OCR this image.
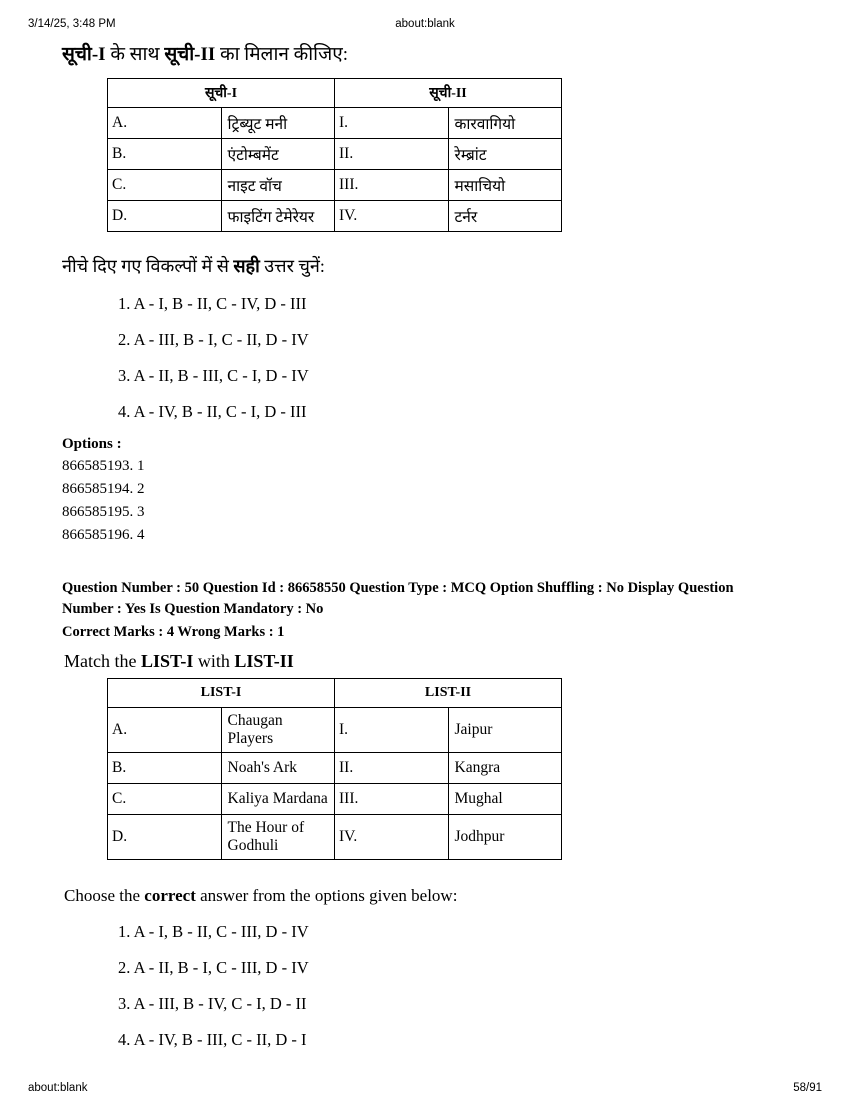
3/14/25, 3:48 PM	about:blank

सूची-I के साथ सूची-II का मिलान कीजिए:

सूची-I		सूची-II	
A.	ट्रिब्यूट मनी	I.	कारवागियो
B.	एंटोम्बमेंट	II.	रेम्ब्रांट
C.	नाइट वॉच	III.	मसाचियो
D.	फाइटिंग टेमेरेयर	IV.	टर्नर

नीचे दिए गए विकल्पों में से सही उत्तर चुनें:

1. A - I, B - II, C - IV, D - III
2. A - III, B - I, C - II, D - IV
3. A - II, B - III, C - I, D - IV
4. A - IV, B - II, C - I, D - III

Options :

866585193. 1
866585194. 2
866585195. 3
866585196. 4
Question Number : 50 Question Id : 86658550 Question Type : MCQ Option Shuffling : No Display Question Number : Yes Is Question Mandatory : No
Correct Marks : 4 Wrong Marks : 1

Match the LIST-I with LIST-II

LIST-I		LIST-II	
A.	Chaugan Players	I.	Jaipur
B.	Noah's Ark	II.	Kangra
C.	Kaliya Mardana	III.	Mughal
D.	The Hour of Godhuli	IV.	Jodhpur

Choose the correct answer from the options given below:

1. A - I, B - II, C - III, D - IV
2. A - II, B - I, C - III, D - IV
3. A - III, B - IV, C - I, D - II
4. A - IV, B - III, C - II, D - I
about:blank	58/91
